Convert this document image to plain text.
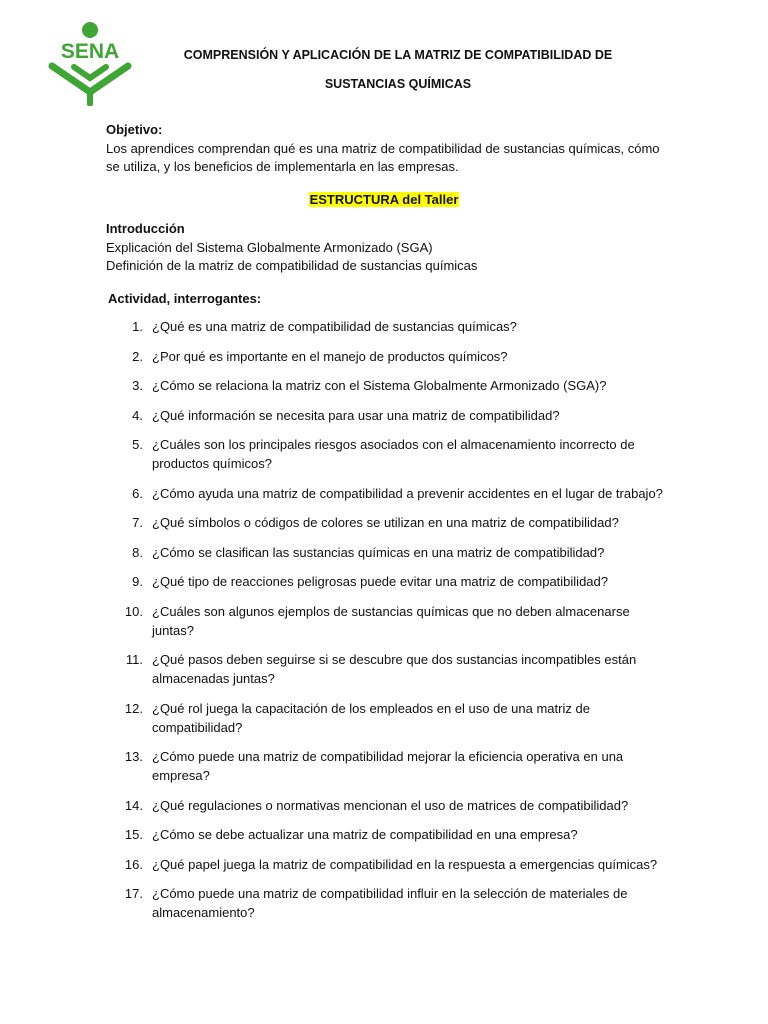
SENA	COMPRENSIÓN Y APLICACIÓN DE LA MATRIZ DE COMPATIBILIDAD DE
SUSTANCIAS QUÍMICAS
Objetivo:
Los aprendices comprendan qué es una matriz de compatibilidad de sustancias químicas, cómo se utiliza, y los beneficios de implementarla en las empresas.
ESTRUCTURA del Taller
Introducción
Explicación del Sistema Globalmente Armonizado (SGA)
Definición de la matriz de compatibilidad de sustancias químicas
Actividad, interrogantes:
1. ¿Qué es una matriz de compatibilidad de sustancias químicas?
2. ¿Por qué es importante en el manejo de productos químicos?
3. ¿Cómo se relaciona la matriz con el Sistema Globalmente Armonizado (SGA)?
4. ¿Qué información se necesita para usar una matriz de compatibilidad?
5. ¿Cuáles son los principales riesgos asociados con el almacenamiento incorrecto de productos químicos?
6. ¿Cómo ayuda una matriz de compatibilidad a prevenir accidentes en el lugar de trabajo?
7. ¿Qué símbolos o códigos de colores se utilizan en una matriz de compatibilidad?
8. ¿Cómo se clasifican las sustancias químicas en una matriz de compatibilidad?
9. ¿Qué tipo de reacciones peligrosas puede evitar una matriz de compatibilidad?
10. ¿Cuáles son algunos ejemplos de sustancias químicas que no deben almacenarse juntas?
11. ¿Qué pasos deben seguirse si se descubre que dos sustancias incompatibles están almacenadas juntas?
12. ¿Qué rol juega la capacitación de los empleados en el uso de una matriz de compatibilidad?
13. ¿Cómo puede una matriz de compatibilidad mejorar la eficiencia operativa en una empresa?
14. ¿Qué regulaciones o normativas mencionan el uso de matrices de compatibilidad?
15. ¿Cómo se debe actualizar una matriz de compatibilidad en una empresa?
16. ¿Qué papel juega la matriz de compatibilidad en la respuesta a emergencias químicas?
17. ¿Cómo puede una matriz de compatibilidad influir en la selección de materiales de almacenamiento?
